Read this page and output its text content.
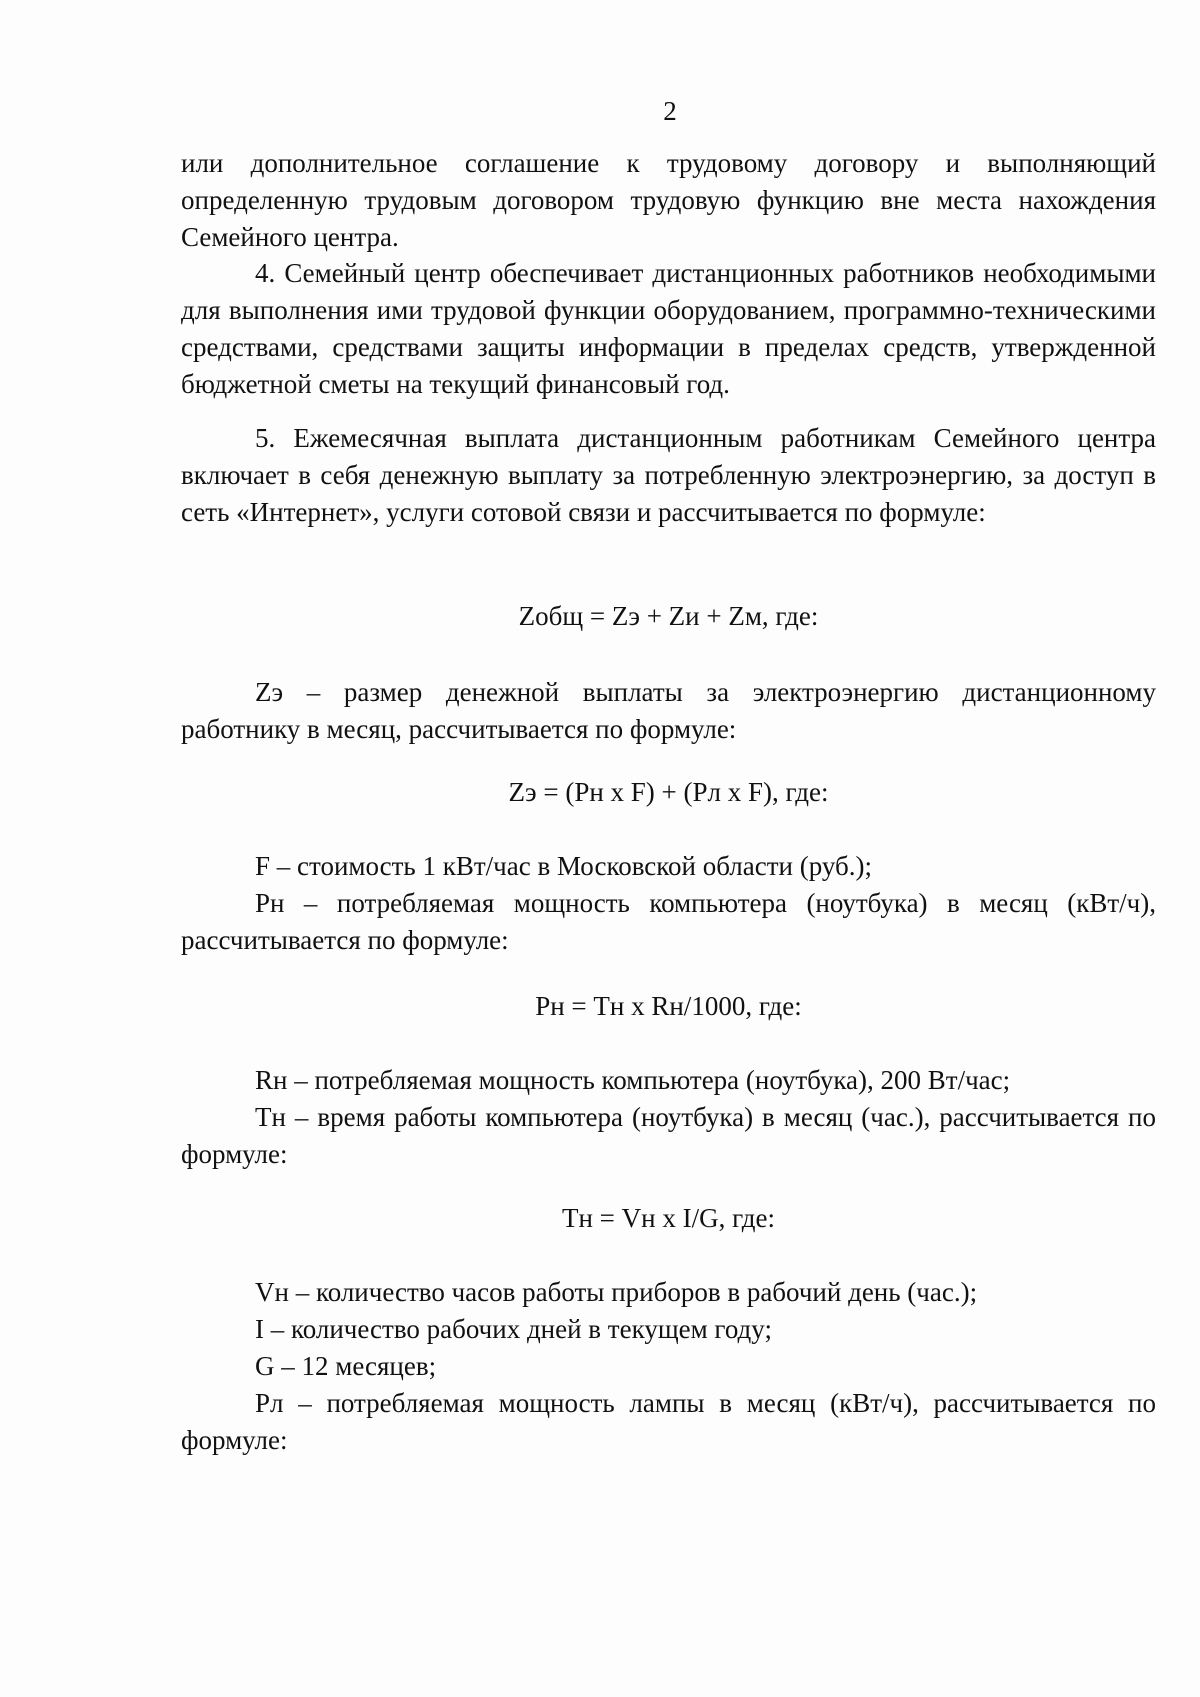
2

или дополнительное соглашение к трудовому договору и выполняющий определенную трудовым договором трудовую функцию вне места нахождения Семейного центра.

4. Семейный центр обеспечивает дистанционных работников необходимыми для выполнения ими трудовой функции оборудованием, программно-техническими средствами, средствами защиты информации в пределах средств, утвержденной бюджетной сметы на текущий финансовый год.

5. Ежемесячная выплата дистанционным работникам Семейного центра включает в себя денежную выплату за потребленную электроэнергию, за доступ в сеть «Интернет», услуги сотовой связи и рассчитывается по формуле:

Zобщ = Zэ + Zи + Zм, где:

Zэ – размер денежной выплаты за электроэнергию дистанционному работнику в месяц, рассчитывается по формуле:

Zэ = (Pн x F) + (Pл x F), где:

F – стоимость 1 кВт/час в Московской области (руб.);

Pн – потребляемая мощность компьютера (ноутбука) в месяц (кВт/ч), рассчитывается по формуле:

Pн = Tн x Rн/1000, где:

Rн – потребляемая мощность компьютера (ноутбука), 200 Вт/час;

Tн – время работы компьютера (ноутбука) в месяц (час.), рассчитывается по формуле:

Tн = Vн x I/G, где:

Vн – количество часов работы приборов в рабочий день (час.);

I – количество рабочих дней в текущем году;

G – 12 месяцев;

Pл – потребляемая мощность лампы в месяц (кВт/ч), рассчитывается по формуле:
